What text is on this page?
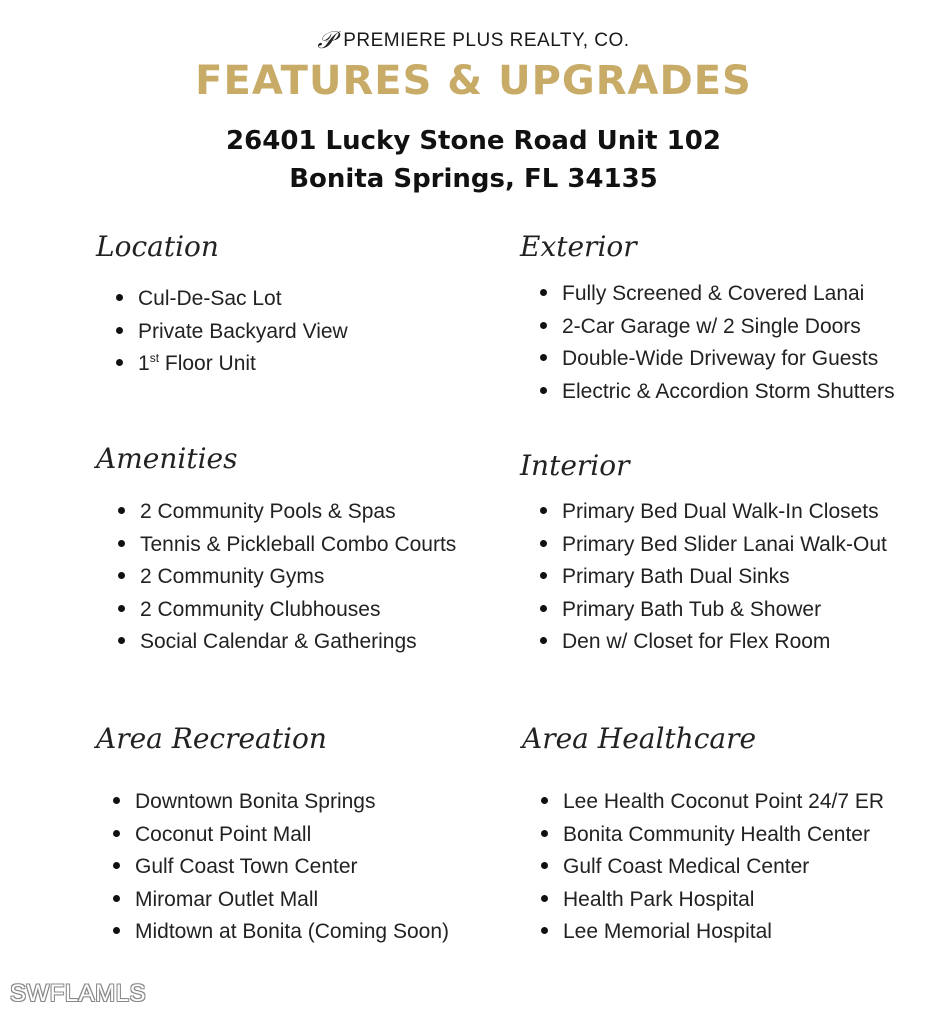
𝒫 PREMIERE PLUS REALTY, CO.
FEATURES & UPGRADES
26401 Lucky Stone Road Unit 102
Bonita Springs, FL 34135
Location
Cul-De-Sac Lot
Private Backyard View
1st Floor Unit
Exterior
Fully Screened & Covered Lanai
2-Car Garage w/ 2 Single Doors
Double-Wide Driveway for Guests
Electric & Accordion Storm Shutters
Amenities
2 Community Pools & Spas
Tennis & Pickleball Combo Courts
2 Community Gyms
2 Community Clubhouses
Social Calendar & Gatherings
Interior
Primary Bed Dual Walk-In Closets
Primary Bed Slider Lanai Walk-Out
Primary Bath Dual Sinks
Primary Bath Tub & Shower
Den w/ Closet for Flex Room
Area Recreation
Downtown Bonita Springs
Coconut Point Mall
Gulf Coast Town Center
Miromar Outlet Mall
Midtown at Bonita (Coming Soon)
Area Healthcare
Lee Health Coconut Point 24/7 ER
Bonita Community Health Center
Gulf Coast Medical Center
Health Park Hospital
Lee Memorial Hospital
SWFLAMLS
